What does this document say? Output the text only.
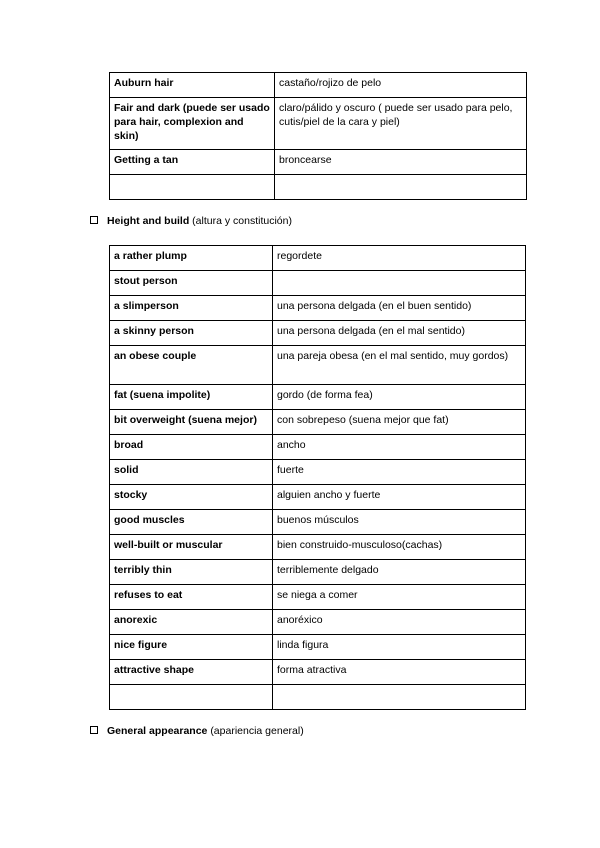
Auburn hair	castaño/rojizo de pelo
Fair and dark (puede ser usado para hair, complexion and skin)	claro/pálido y oscuro ( puede ser usado para pelo, cutis/piel de la cara y piel)
Getting a tan	broncearse

Height and build (altura y constitución)
a rather plump	regordete
stout person	
a slimperson	una persona delgada (en el buen sentido)
a skinny person	una persona delgada (en el mal sentido)
an obese couple	una pareja obesa (en el mal sentido, muy gordos)
fat (suena impolite)	gordo (de forma fea)
bit overweight (suena mejor)	con sobrepeso (suena mejor que fat)
broad	ancho
solid	fuerte
stocky	alguien ancho y fuerte
good muscles	buenos músculos
well-built or muscular	bien construido-musculoso(cachas)
terribly thin	terriblemente delgado
refuses to eat	se niega a comer
anorexic	anoréxico
nice figure	linda figura
attractive shape	forma atractiva

General appearance (apariencia general)
